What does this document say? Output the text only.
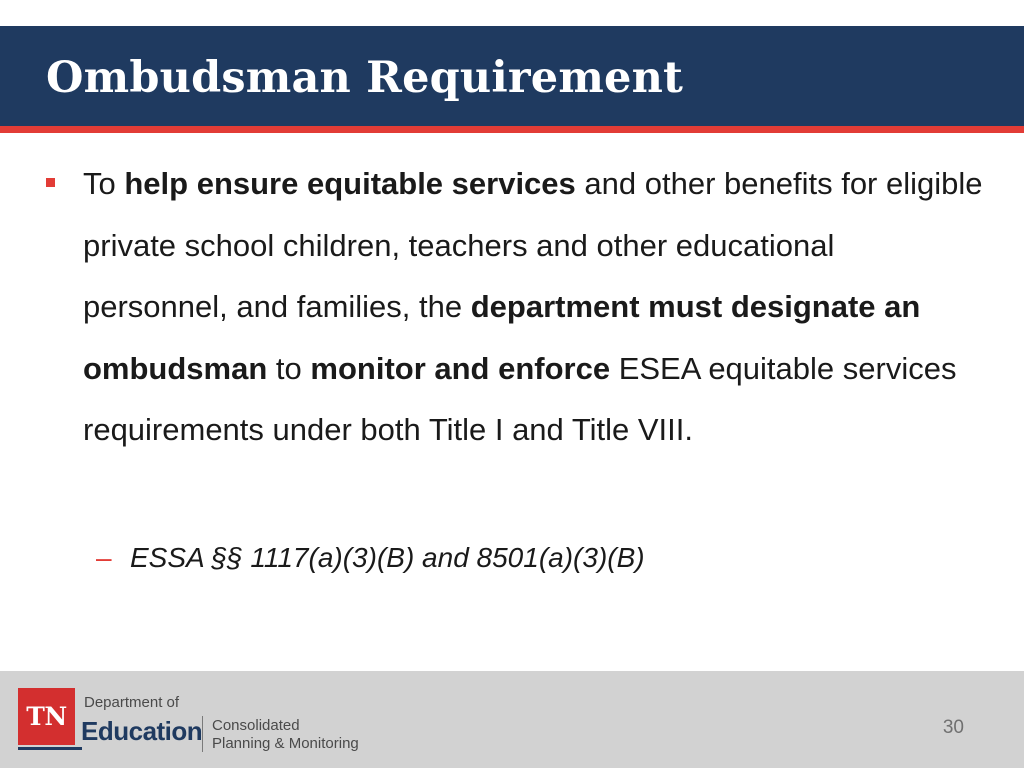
Ombudsman Requirement

To help ensure equitable services and other benefits for eligible private school children, teachers and other educational personnel, and families, the department must designate an ombudsman to monitor and enforce ESEA equitable services requirements under both Title I and Title VIII.

– ESSA §§ 1117(a)(3)(B) and 8501(a)(3)(B)
TN	Department of
Education Consolidated
Planning & Monitoring
30
